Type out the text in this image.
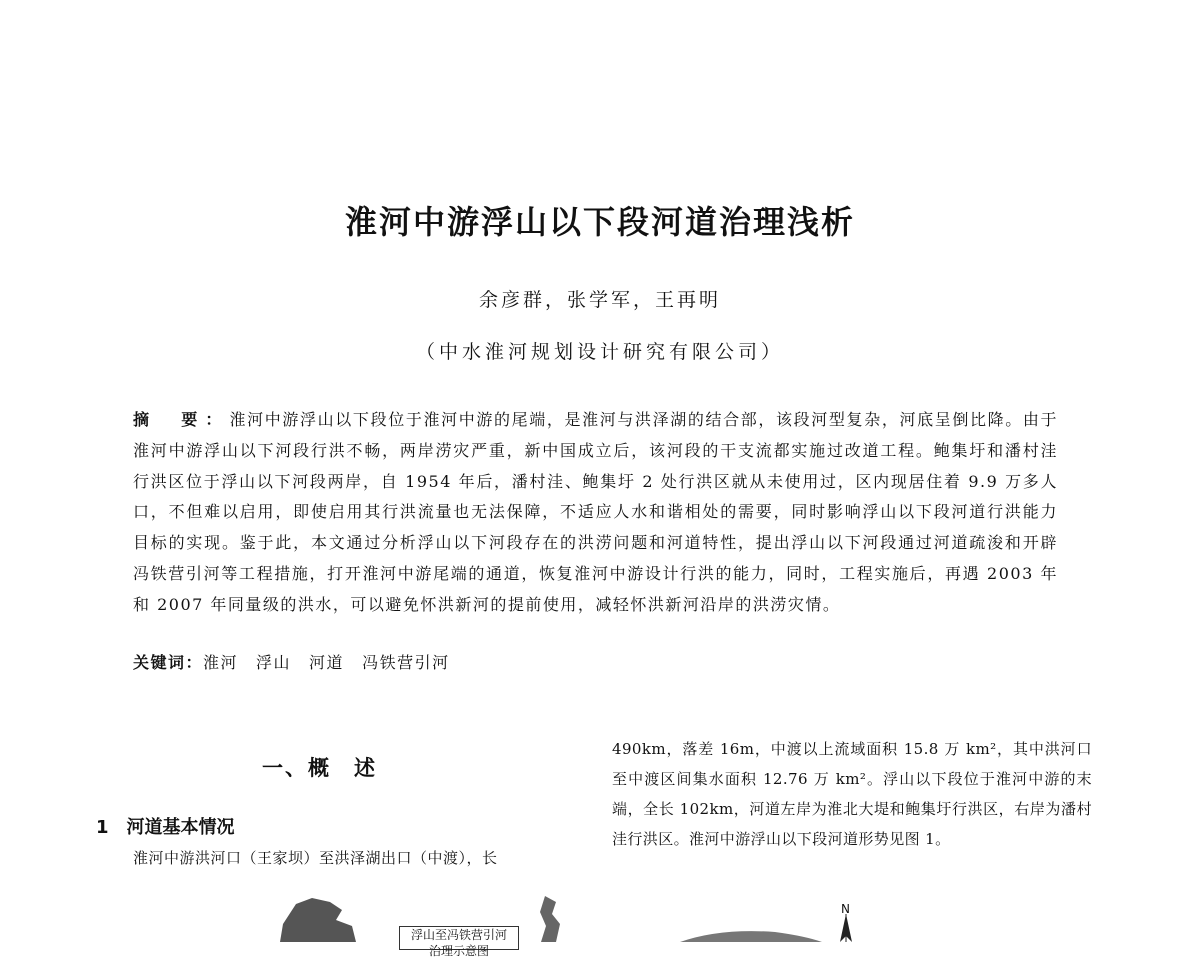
淮河中游浮山以下段河道治理浅析
余彦群，张学军，王再明
（中水淮河规划设计研究有限公司）
摘　要：淮河中游浮山以下段位于淮河中游的尾端，是淮河与洪泽湖的结合部，该段河型复杂，河底呈倒比降。由于淮河中游浮山以下河段行洪不畅，两岸涝灾严重，新中国成立后，该河段的干支流都实施过改道工程。鲍集圩和潘村洼行洪区位于浮山以下河段两岸，自 1954 年后，潘村洼、鲍集圩 2 处行洪区就从未使用过，区内现居住着 9.9 万多人口，不但难以启用，即使启用其行洪流量也无法保障，不适应人水和谐相处的需要，同时影响浮山以下段河道行洪能力目标的实现。鉴于此，本文通过分析浮山以下河段存在的洪涝问题和河道特性，提出浮山以下河段通过河道疏浚和开辟冯铁营引河等工程措施，打开淮河中游尾端的通道，恢复淮河中游设计行洪的能力，同时，工程实施后，再遇 2003 年和 2007 年同量级的洪水，可以避免怀洪新河的提前使用，减轻怀洪新河沿岸的洪涝灾情。
关键词：淮河 浮山 河道 冯铁营引河
一、概　述
1 河道基本情况
淮河中游洪河口（王家坝）至洪泽湖出口（中渡），长
490km，落差 16m，中渡以上流域面积 15.8 万 km²，其中洪河口至中渡区间集水面积 12.76 万 km²。浮山以下段位于淮河中游的末端，全长 102km，河道左岸为淮北大堤和鲍集圩行洪区，右岸为潘村洼行洪区。淮河中游浮山以下段河道形势见图 1。
N
浮山至冯铁营引河
治理示意图
